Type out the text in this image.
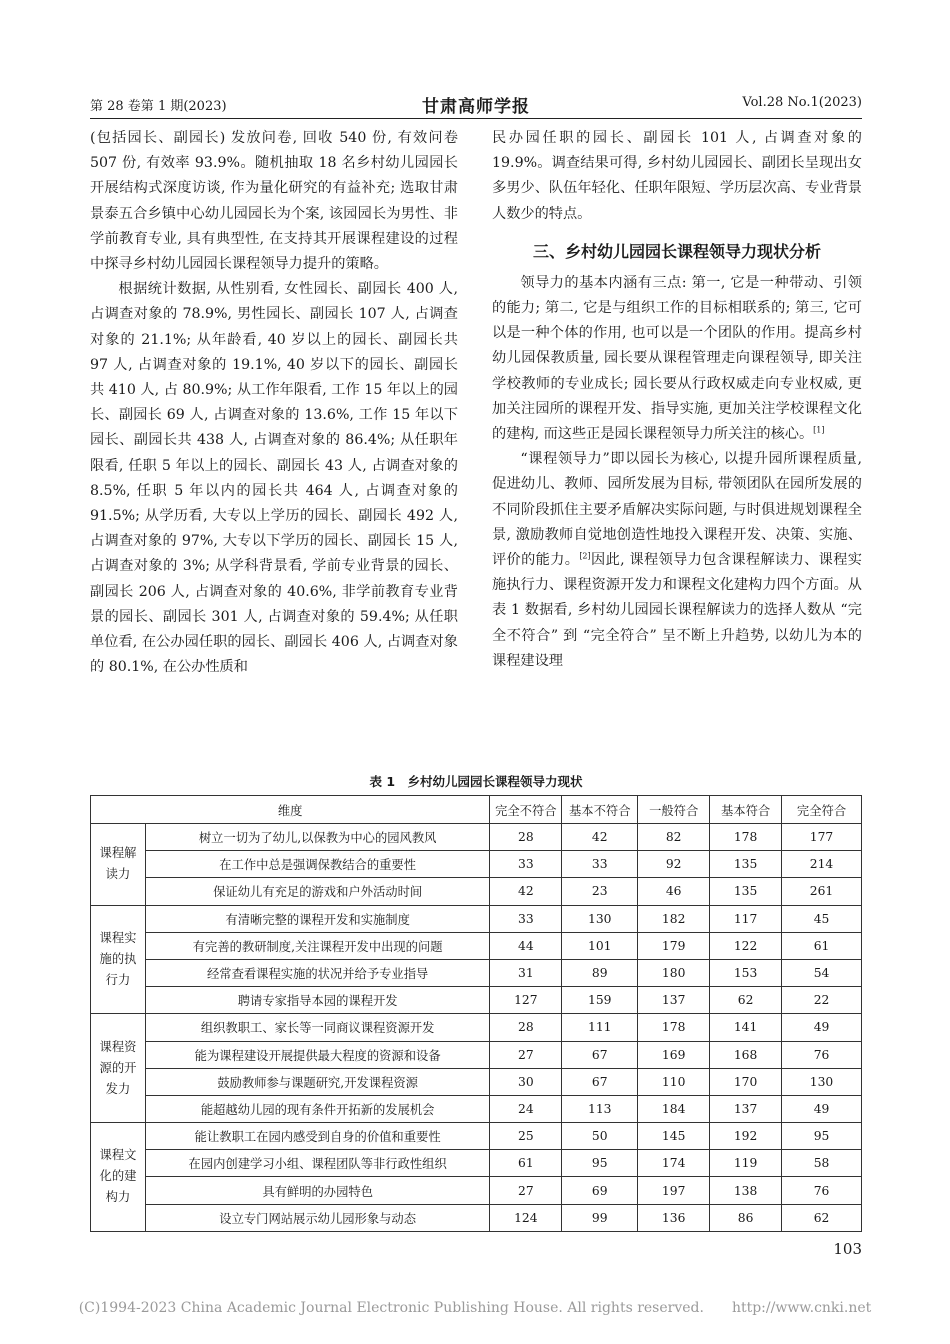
第 28 卷第 1 期(2023)	甘肃高师学报	Vol.28 No.1(2023)

(包括园长、副园长) 发放问卷, 回收 540 份, 有效问卷 507 份, 有效率 93.9%。随机抽取 18 名乡村幼儿园园长开展结构式深度访谈, 作为量化研究的有益补充; 选取甘肃景泰五合乡镇中心幼儿园园长为个案, 该园园长为男性、非学前教育专业, 具有典型性, 在支持其开展课程建设的过程中探寻乡村幼儿园园长课程领导力提升的策略。

根据统计数据, 从性别看, 女性园长、副园长 400 人, 占调查对象的 78.9%, 男性园长、副园长 107 人, 占调查对象的 21.1%; 从年龄看, 40 岁以上的园长、副园长共 97 人, 占调查对象的 19.1%, 40 岁以下的园长、副园长共 410 人, 占 80.9%; 从工作年限看, 工作 15 年以上的园长、副园长 69 人, 占调查对象的 13.6%, 工作 15 年以下园长、副园长共 438 人, 占调查对象的 86.4%; 从任职年限看, 任职 5 年以上的园长、副园长 43 人, 占调查对象的 8.5%, 任职 5 年以内的园长共 464 人, 占调查对象的 91.5%; 从学历看, 大专以上学历的园长、副园长 492 人, 占调查对象的 97%, 大专以下学历的园长、副园长 15 人, 占调查对象的 3%; 从学科背景看, 学前专业背景的园长、副园长 206 人, 占调查对象的 40.6%, 非学前教育专业背景的园长、副园长 301 人, 占调查对象的 59.4%; 从任职单位看, 在公办园任职的园长、副园长 406 人, 占调查对象的 80.1%, 在公办性质和

民办园任职的园长、副园长 101 人, 占调查对象的 19.9%。调查结果可得, 乡村幼儿园园长、副团长呈现出女多男少、队伍年轻化、任职年限短、学历层次高、专业背景人数少的特点。

三、乡村幼儿园园长课程领导力现状分析

领导力的基本内涵有三点: 第一, 它是一种带动、引领的能力; 第二, 它是与组织工作的目标相联系的; 第三, 它可以是一种个体的作用, 也可以是一个团队的作用。提高乡村幼儿园保教质量, 园长要从课程管理走向课程领导, 即关注学校教师的专业成长; 园长要从行政权威走向专业权威, 更加关注园所的课程开发、指导实施, 更加关注学校课程文化的建构, 而这些正是园长课程领导力所关注的核心。[1]

“课程领导力”即以园长为核心, 以提升园所课程质量, 促进幼儿、教师、园所发展为目标, 带领团队在园所发展的不同阶段抓住主要矛盾解决实际问题, 与时俱进规划课程全景, 激励教师自觉地创造性地投入课程开发、决策、实施、评价的能力。[2]因此, 课程领导力包含课程解读力、课程实施执行力、课程资源开发力和课程文化建构力四个方面。从表 1 数据看, 乡村幼儿园园长课程解读力的选择人数从 “完全不符合” 到 “完全符合” 呈不断上升趋势, 以幼儿为本的课程建设理

表 1　乡村幼儿园园长课程领导力现状
维度		完全不符合	基本不符合	一般符合	基本符合	完全符合
课程解读力	树立一切为了幼儿,以保教为中心的园风教风	28	42	82	178	177
	在工作中总是强调保教结合的重要性	33	33	92	135	214
	保证幼儿有充足的游戏和户外活动时间	42	23	46	135	261
课程实施的执行力	有清晰完整的课程开发和实施制度	33	130	182	117	45
	有完善的教研制度,关注课程开发中出现的问题	44	101	179	122	61
	经常查看课程实施的状况并给予专业指导	31	89	180	153	54
	聘请专家指导本园的课程开发	127	159	137	62	22
课程资源的开发力	组织教职工、家长等一同商议课程资源开发	28	111	178	141	49
	能为课程建设开展提供最大程度的资源和设备	27	67	169	168	76
	鼓励教师参与课题研究,开发课程资源	30	67	110	170	130
	能超越幼儿园的现有条件开拓新的发展机会	24	113	184	137	49
课程文化的建构力	能让教职工在园内感受到自身的价值和重要性	25	50	145	192	95
	在园内创建学习小组、课程团队等非行政性组织	61	95	174	119	58
	具有鲜明的办园特色	27	69	197	138	76
	设立专门网站展示幼儿园形象与动态	124	99	136	86	62
103
(C)1994-2023 China Academic Journal Electronic Publishing House. All rights reserved.　　http://www.cnki.net
